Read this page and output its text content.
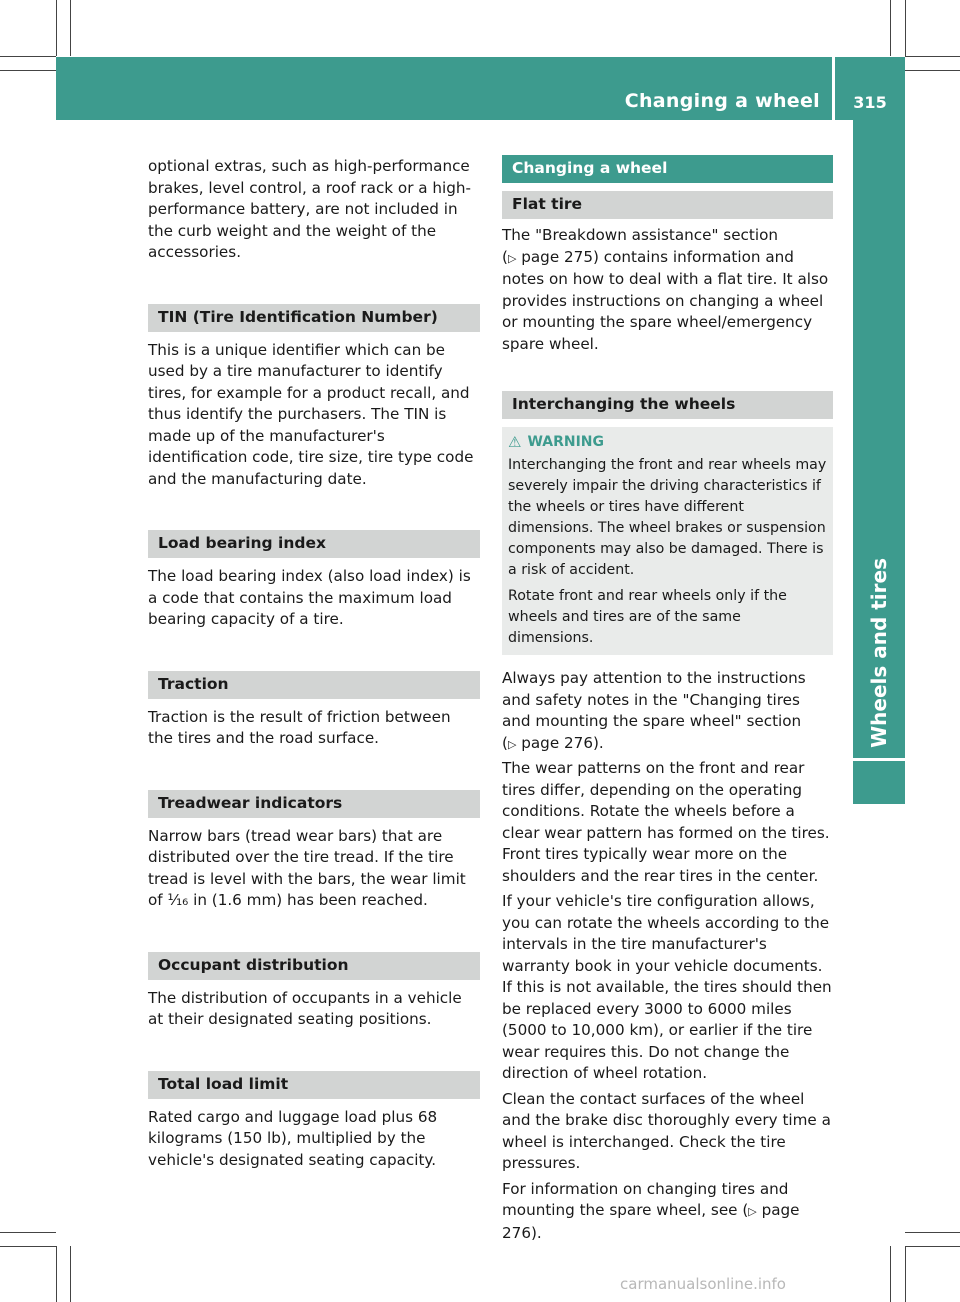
Changing a wheel	315
Wheels and tires

optional extras, such as high-performance brakes, level control, a roof rack or a high-performance battery, are not included in the curb weight and the weight of the accessories.

TIN (Tire Identification Number)

This is a unique identifier which can be used by a tire manufacturer to identify tires, for example for a product recall, and thus identify the purchasers. The TIN is made up of the manufacturer's identification code, tire size, tire type code and the manufacturing date.

Load bearing index

The load bearing index (also load index) is a code that contains the maximum load bearing capacity of a tire.

Traction

Traction is the result of friction between the tires and the road surface.

Treadwear indicators

Narrow bars (tread wear bars) that are distributed over the tire tread. If the tire tread is level with the bars, the wear limit of ¹⁄₁₆ in (1.6 mm) has been reached.

Occupant distribution

The distribution of occupants in a vehicle at their designated seating positions.

Total load limit

Rated cargo and luggage load plus 68 kilograms (150 lb), multiplied by the vehicle's designated seating capacity.

Changing a wheel
Flat tire

The "Breakdown assistance" section
(▷ page 275) contains information and notes on how to deal with a flat tire. It also provides instructions on changing a wheel or mounting the spare wheel/emergency spare wheel.

Interchanging the wheels
⚠ WARNING

Interchanging the front and rear wheels may severely impair the driving characteristics if the wheels or tires have different dimensions. The wheel brakes or suspension components may also be damaged. There is a risk of accident.

Rotate front and rear wheels only if the wheels and tires are of the same dimensions.

Always pay attention to the instructions and safety notes in the "Changing tires and mounting the spare wheel" section
(▷ page 276).

The wear patterns on the front and rear tires differ, depending on the operating conditions. Rotate the wheels before a clear wear pattern has formed on the tires. Front tires typically wear more on the shoulders and the rear tires in the center.

If your vehicle's tire configuration allows, you can rotate the wheels according to the intervals in the tire manufacturer's warranty book in your vehicle documents. If this is not available, the tires should then be replaced every 3000 to 6000 miles (5000 to 10,000 km), or earlier if the tire wear requires this. Do not change the direction of wheel rotation.

Clean the contact surfaces of the wheel and the brake disc thoroughly every time a wheel is interchanged. Check the tire pressures.

For information on changing tires and mounting the spare wheel, see (▷ page 276).

carmanualsonline.info
